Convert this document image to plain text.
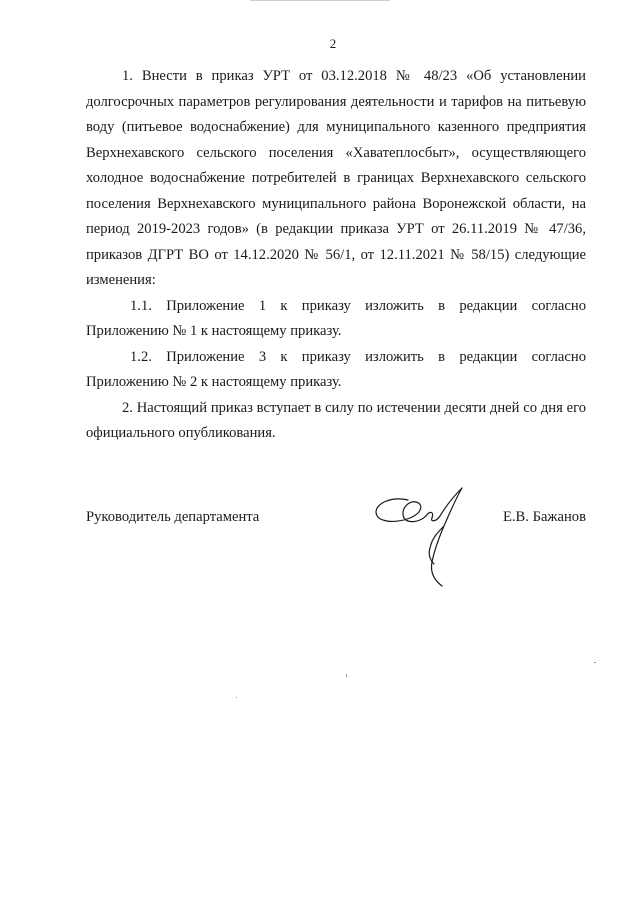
2

1. Внести в приказ УРТ от 03.12.2018 № 48/23 «Об установлении долгосрочных параметров регулирования деятельности и тарифов на питьевую воду (питьевое водоснабжение) для муниципального казенного предприятия Верхнехавского сельского поселения «Хаватеплосбыт», осуществляющего холодное водоснабжение потребителей в границах Верхнехавского сельского поселения Верхнехавского муниципального района Воронежской области, на период 2019-2023 годов» (в редакции приказа УРТ от 26.11.2019 № 47/36, приказов ДГРТ ВО от 14.12.2020 № 56/1, от 12.11.2021 № 58/15) следующие изменения:

1.1. Приложение 1 к приказу изложить в редакции согласно Приложению № 1 к настоящему приказу.

1.2. Приложение 3 к приказу изложить в редакции согласно Приложению № 2 к настоящему приказу.

2. Настоящий приказ вступает в силу по истечении десяти дней со дня его официального опубликования.

Руководитель департамента	Е.В. Бажанов
